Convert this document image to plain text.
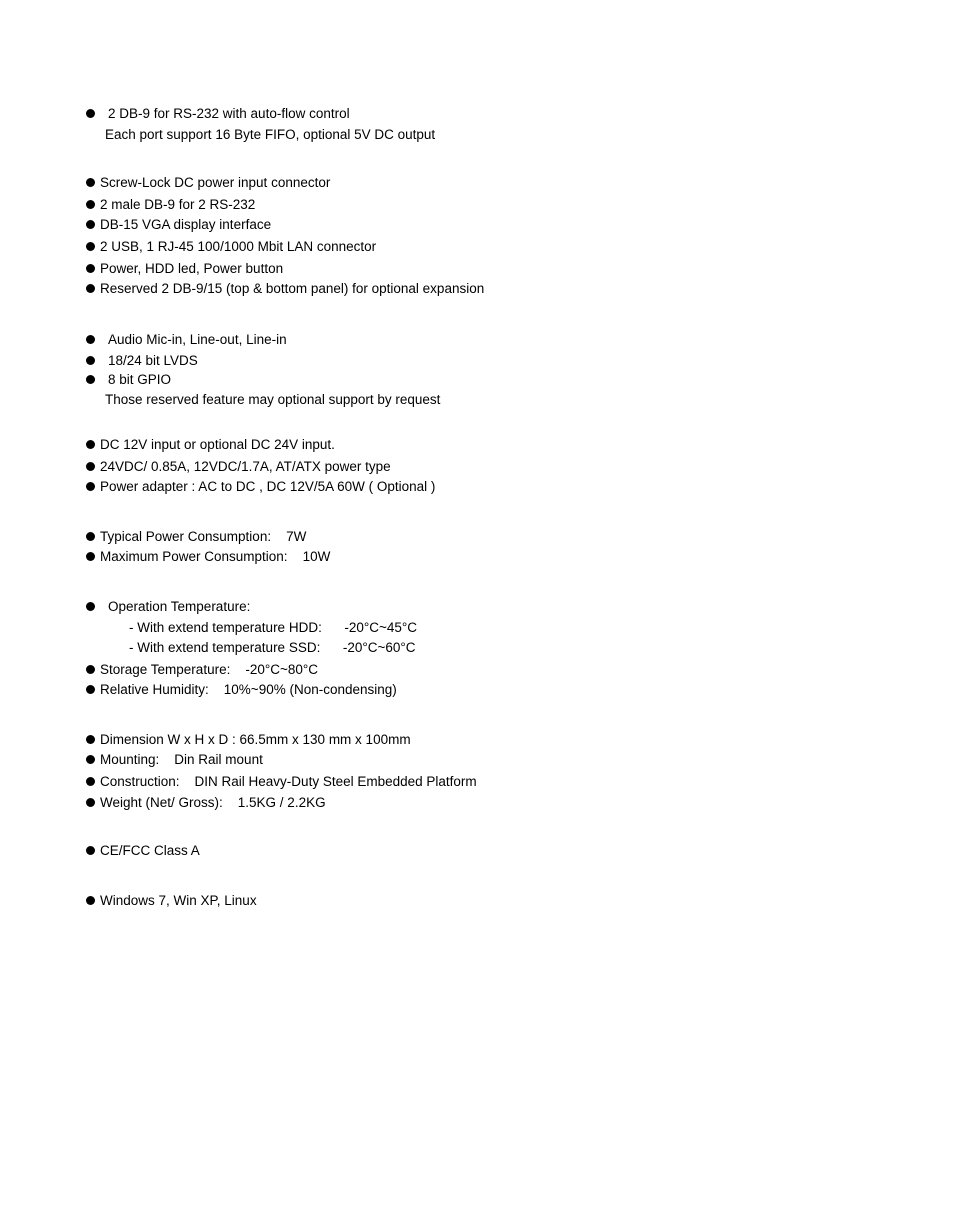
2 DB-9 for RS-232 with auto-flow control
Each port support 16 Byte FIFO, optional 5V DC output
Screw-Lock DC power input connector
2 male DB-9 for 2 RS-232
DB-15 VGA display interface
2 USB, 1 RJ-45 100/1000 Mbit LAN connector
Power, HDD led, Power button
Reserved 2 DB-9/15 (top & bottom panel) for optional expansion
Audio Mic-in, Line-out, Line-in
18/24 bit LVDS
8 bit GPIO
Those reserved feature may optional support by request
DC 12V input or optional DC 24V input.
24VDC/ 0.85A, 12VDC/1.7A, AT/ATX power type
Power adapter : AC to DC , DC 12V/5A 60W ( Optional )
Typical Power Consumption:    7W
Maximum Power Consumption:    10W
Operation Temperature:
- With extend temperature HDD:      -20°C~45°C
- With extend temperature SSD:      -20°C~60°C
Storage Temperature:    -20°C~80°C
Relative Humidity:    10%~90% (Non-condensing)
Dimension W x H x D : 66.5mm x 130 mm x 100mm
Mounting:    Din Rail mount
Construction:    DIN Rail Heavy-Duty Steel Embedded Platform
Weight (Net/ Gross):    1.5KG / 2.2KG
CE/FCC Class A
Windows 7, Win XP, Linux
